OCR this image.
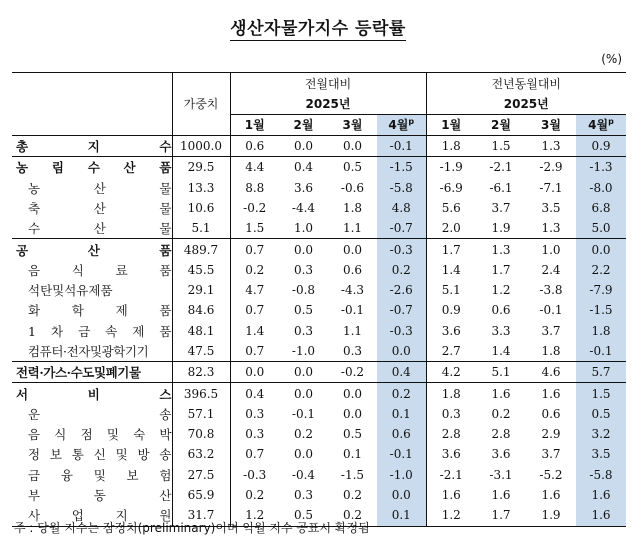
생산자물가지수 등락률
(%)
	가중치	전월대비				전년동월대비			
		2025년				2025년			
		1월	2월	3월	4월$^p$	1월	2월	3월	4월$^p$
총 지 수	1000.0	0.6	0.0	0.0	-0.1	1.8	1.5	1.3	0.9
농 림 수 산 품	29.5	4.4	0.4	0.5	-1.5	-1.9	-2.1	-2.9	-1.3
농 산 물	13.3	8.8	3.6	-0.6	-5.8	-6.9	-6.1	-7.1	-8.0
축 산 물	10.6	-0.2	-4.4	1.8	4.8	5.6	3.7	3.5	6.8
수 산 물	5.1	1.5	1.0	1.1	-0.7	2.0	1.9	1.3	5.0
공 산 품	489.7	0.7	0.0	0.0	-0.3	1.7	1.3	1.0	0.0
음 식 료 품	45.5	0.2	0.3	0.6	0.2	1.4	1.7	2.4	2.2
석탄및석유제품	29.1	4.7	-0.8	-4.3	-2.6	5.1	1.2	-3.8	-7.9
화 학 제 품	84.6	0.7	0.5	-0.1	-0.7	0.9	0.6	-0.1	-1.5
1 차 금 속 제 품	48.1	1.4	0.3	1.1	-0.3	3.6	3.3	3.7	1.8
컴퓨터·전자및광학기기	47.5	0.7	-1.0	0.3	0.0	2.7	1.4	1.8	-0.1
전력·가스·수도및폐기물	82.3	0.0	0.0	-0.2	0.4	4.2	5.1	4.6	5.7
서 비 스	396.5	0.4	0.0	0.0	0.2	1.8	1.6	1.6	1.5
운 송	57.1	0.3	-0.1	0.0	0.1	0.3	0.2	0.6	0.5
음 식 점 및 숙 박	70.8	0.3	0.2	0.5	0.6	2.8	2.8	2.9	3.2
정 보 통 신 및 방 송	63.2	0.7	0.0	0.1	-0.1	3.6	3.6	3.7	3.5
금 융 및 보 험	27.5	-0.3	-0.4	-1.5	-1.0	-2.1	-3.1	-5.2	-5.8
부 동 산	65.9	0.2	0.3	0.2	0.0	1.6	1.6	1.6	1.6
사 업 지 원	31.7	1.2	0.5	0.2	0.1	1.2	1.7	1.9	1.6
주 : 당월 지수는 잠정치(preliminary)이며 익월 지수 공표시 확정됨
